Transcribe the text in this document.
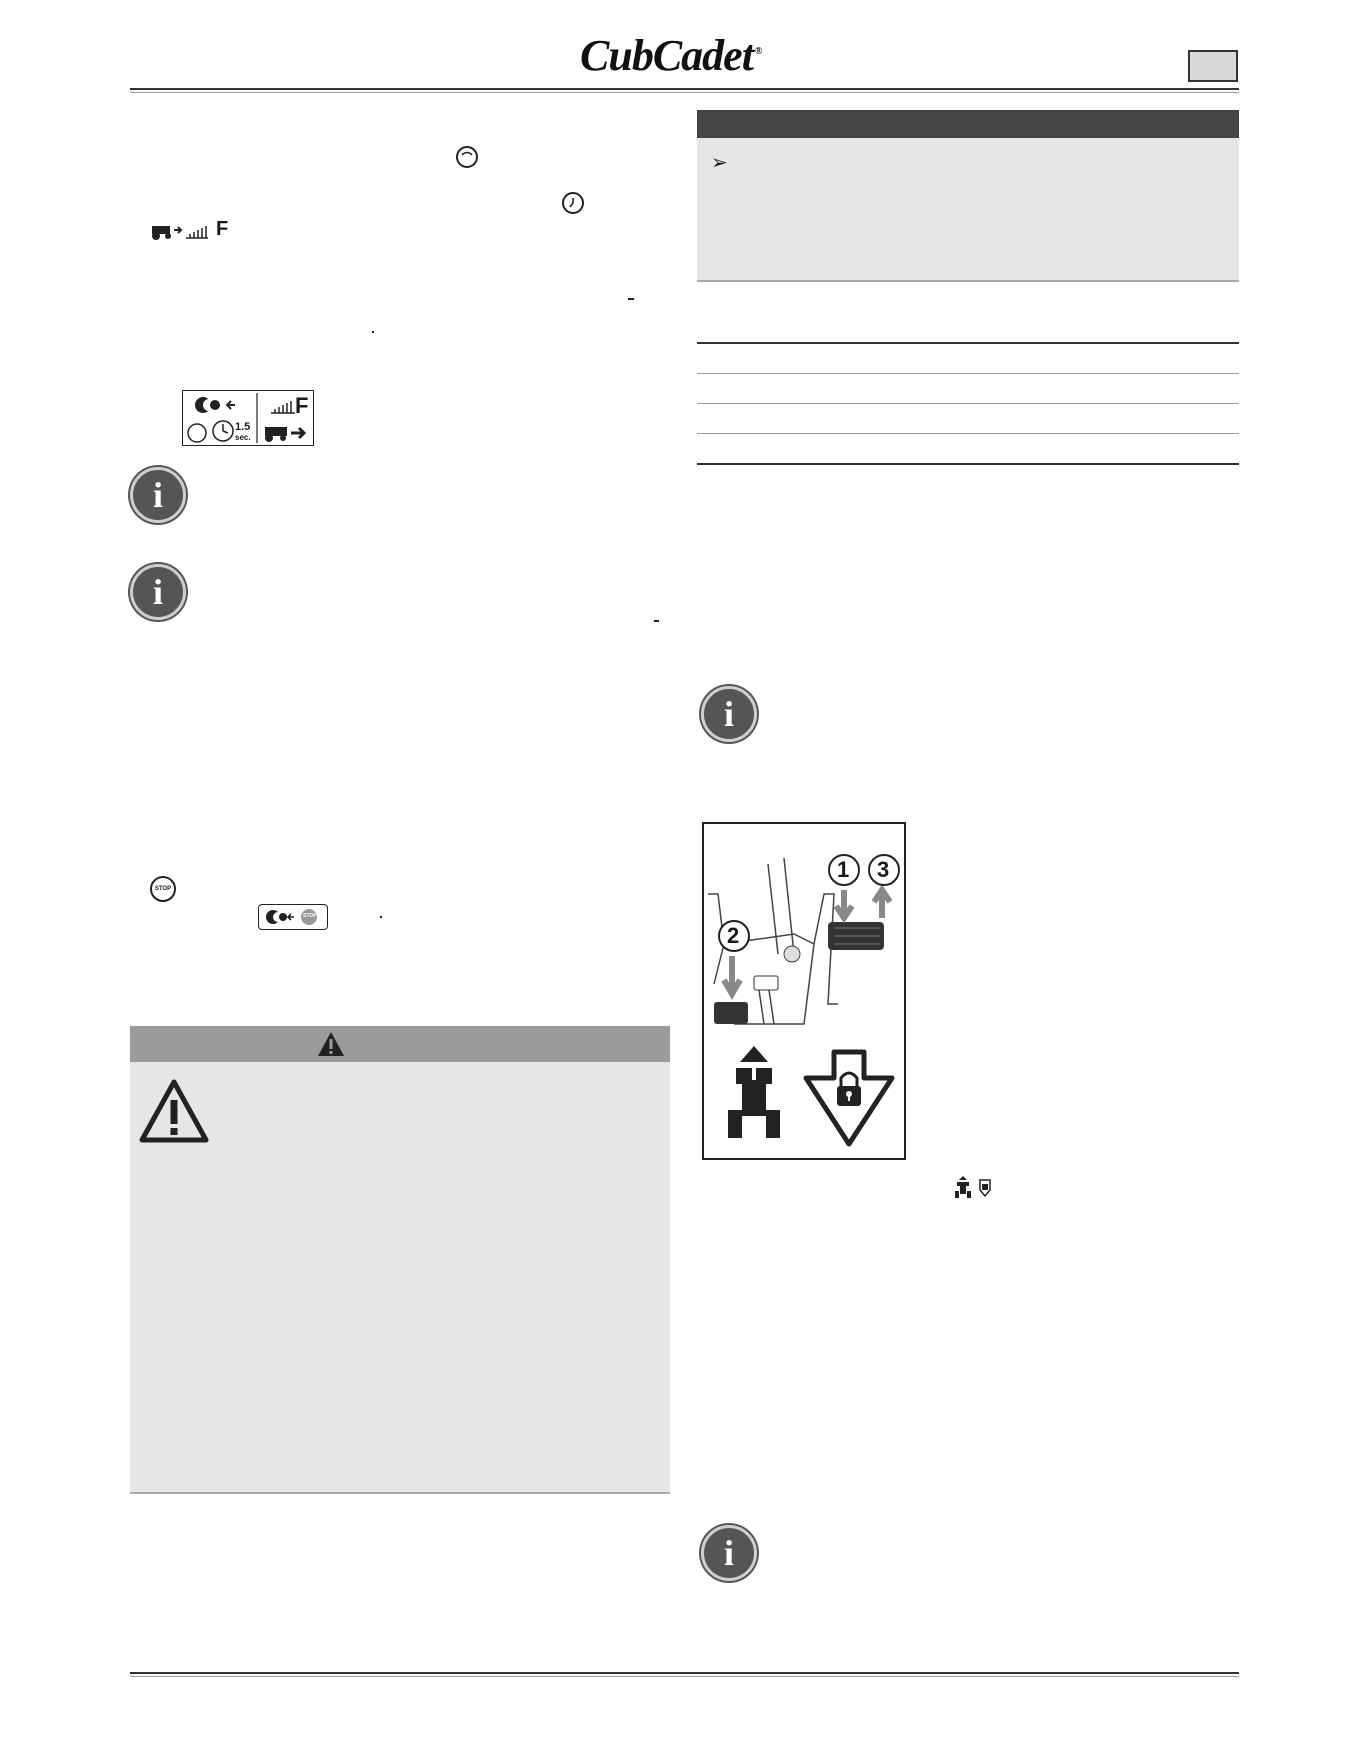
CubCadet ®
F
F
1.5
sec.
i
i
STOP
STOP
➢
i
1 3
2
i
